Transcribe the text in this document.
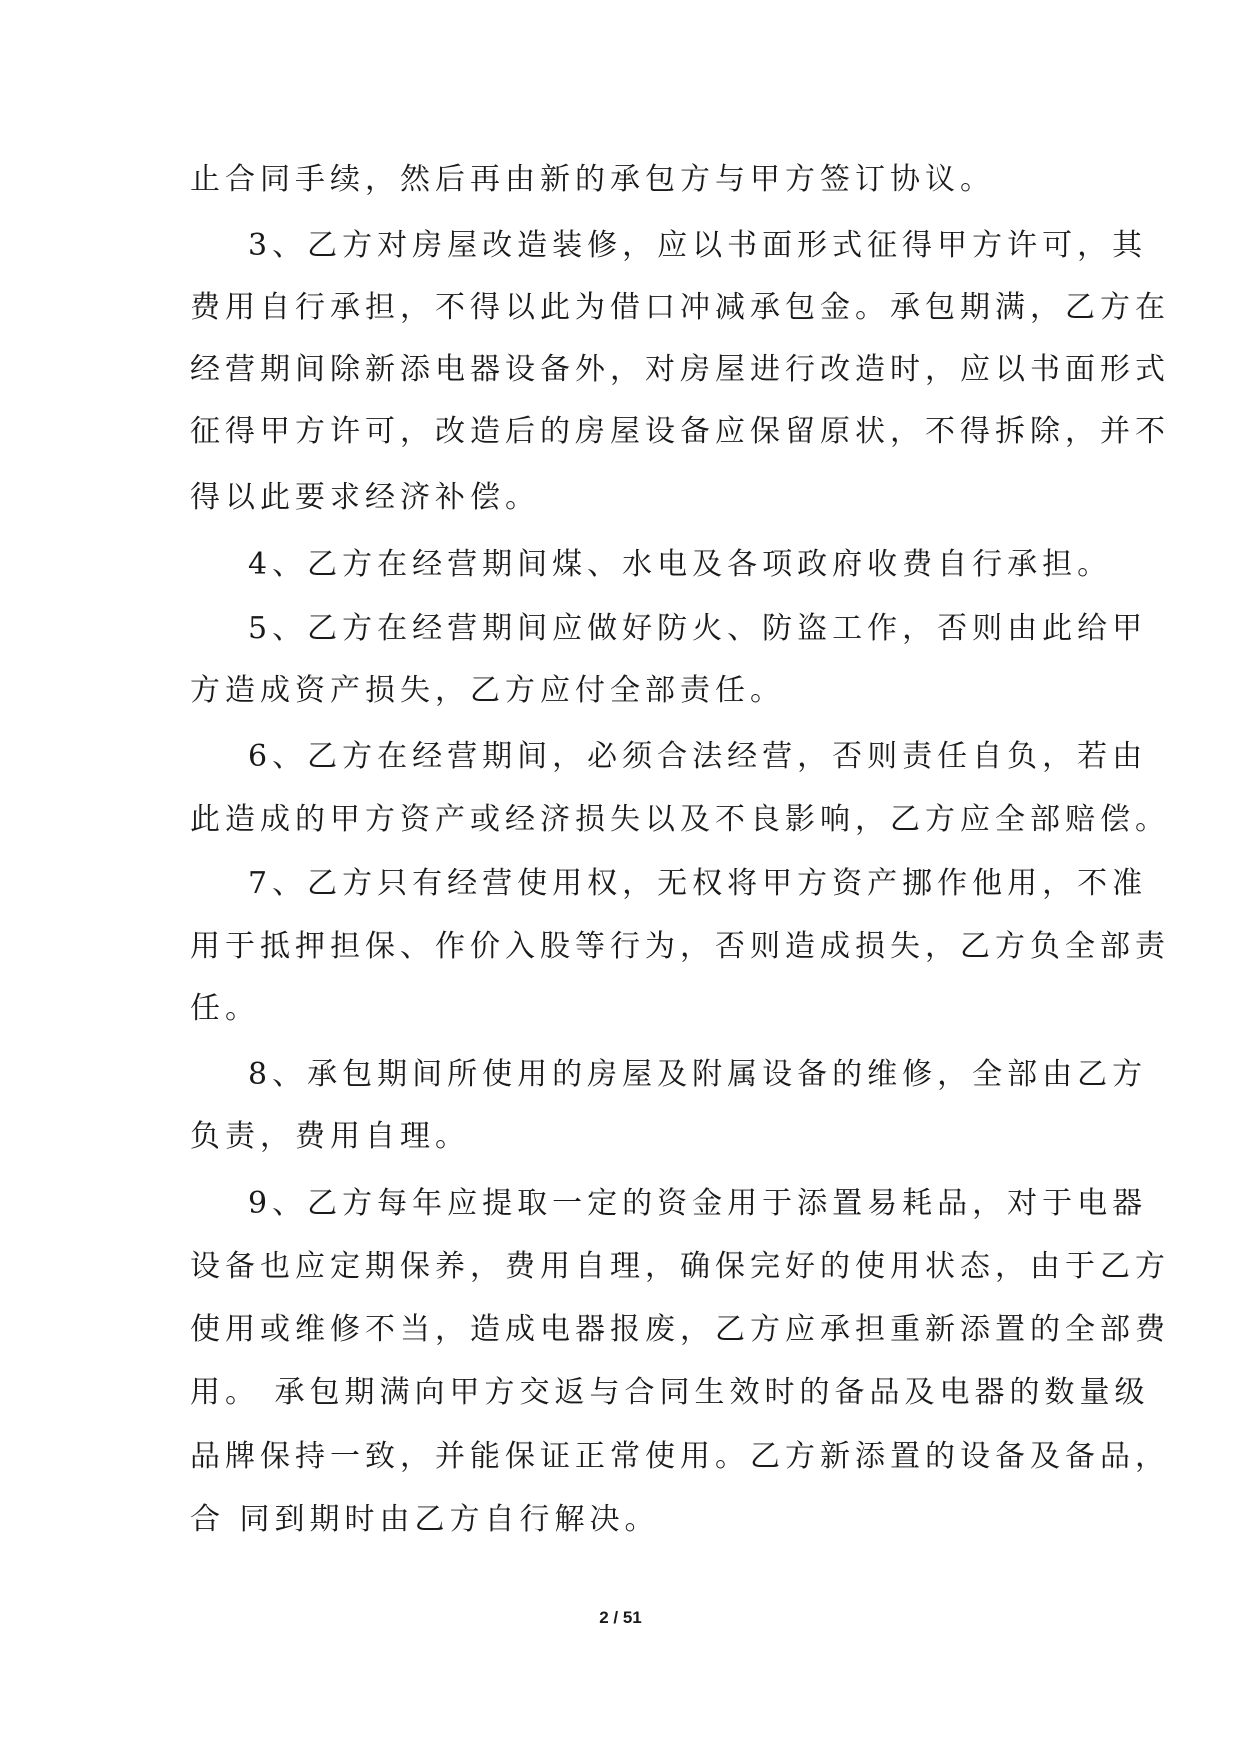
止合同手续，然后再由新的承包方与甲方签订协议。
3、乙方对房屋改造装修，应以书面形式征得甲方许可，其
费用自行承担，不得以此为借口冲减承包金。承包期满，乙方在
经营期间除新添电器设备外，对房屋进行改造时，应以书面形式
征得甲方许可，改造后的房屋设备应保留原状，不得拆除，并不
得以此要求经济补偿。
4、乙方在经营期间煤、水电及各项政府收费自行承担。
5、乙方在经营期间应做好防火、防盗工作，否则由此给甲
方造成资产损失，乙方应付全部责任。
6、乙方在经营期间，必须合法经营，否则责任自负，若由
此造成的甲方资产或经济损失以及不良影响，乙方应全部赔偿。
7、乙方只有经营使用权，无权将甲方资产挪作他用，不准
用于抵押担保、作价入股等行为，否则造成损失，乙方负全部责
任。
8、承包期间所使用的房屋及附属设备的维修，全部由乙方
负责，费用自理。
9、乙方每年应提取一定的资金用于添置易耗品，对于电器
设备也应定期保养，费用自理，确保完好的使用状态，由于乙方
使用或维修不当，造成电器报废，乙方应承担重新添置的全部费
用。 承包期满向甲方交返与合同生效时的备品及电器的数量级
品牌保持一致，并能保证正常使用。乙方新添置的设备及备品，
合 同到期时由乙方自行解决。
2 / 51
